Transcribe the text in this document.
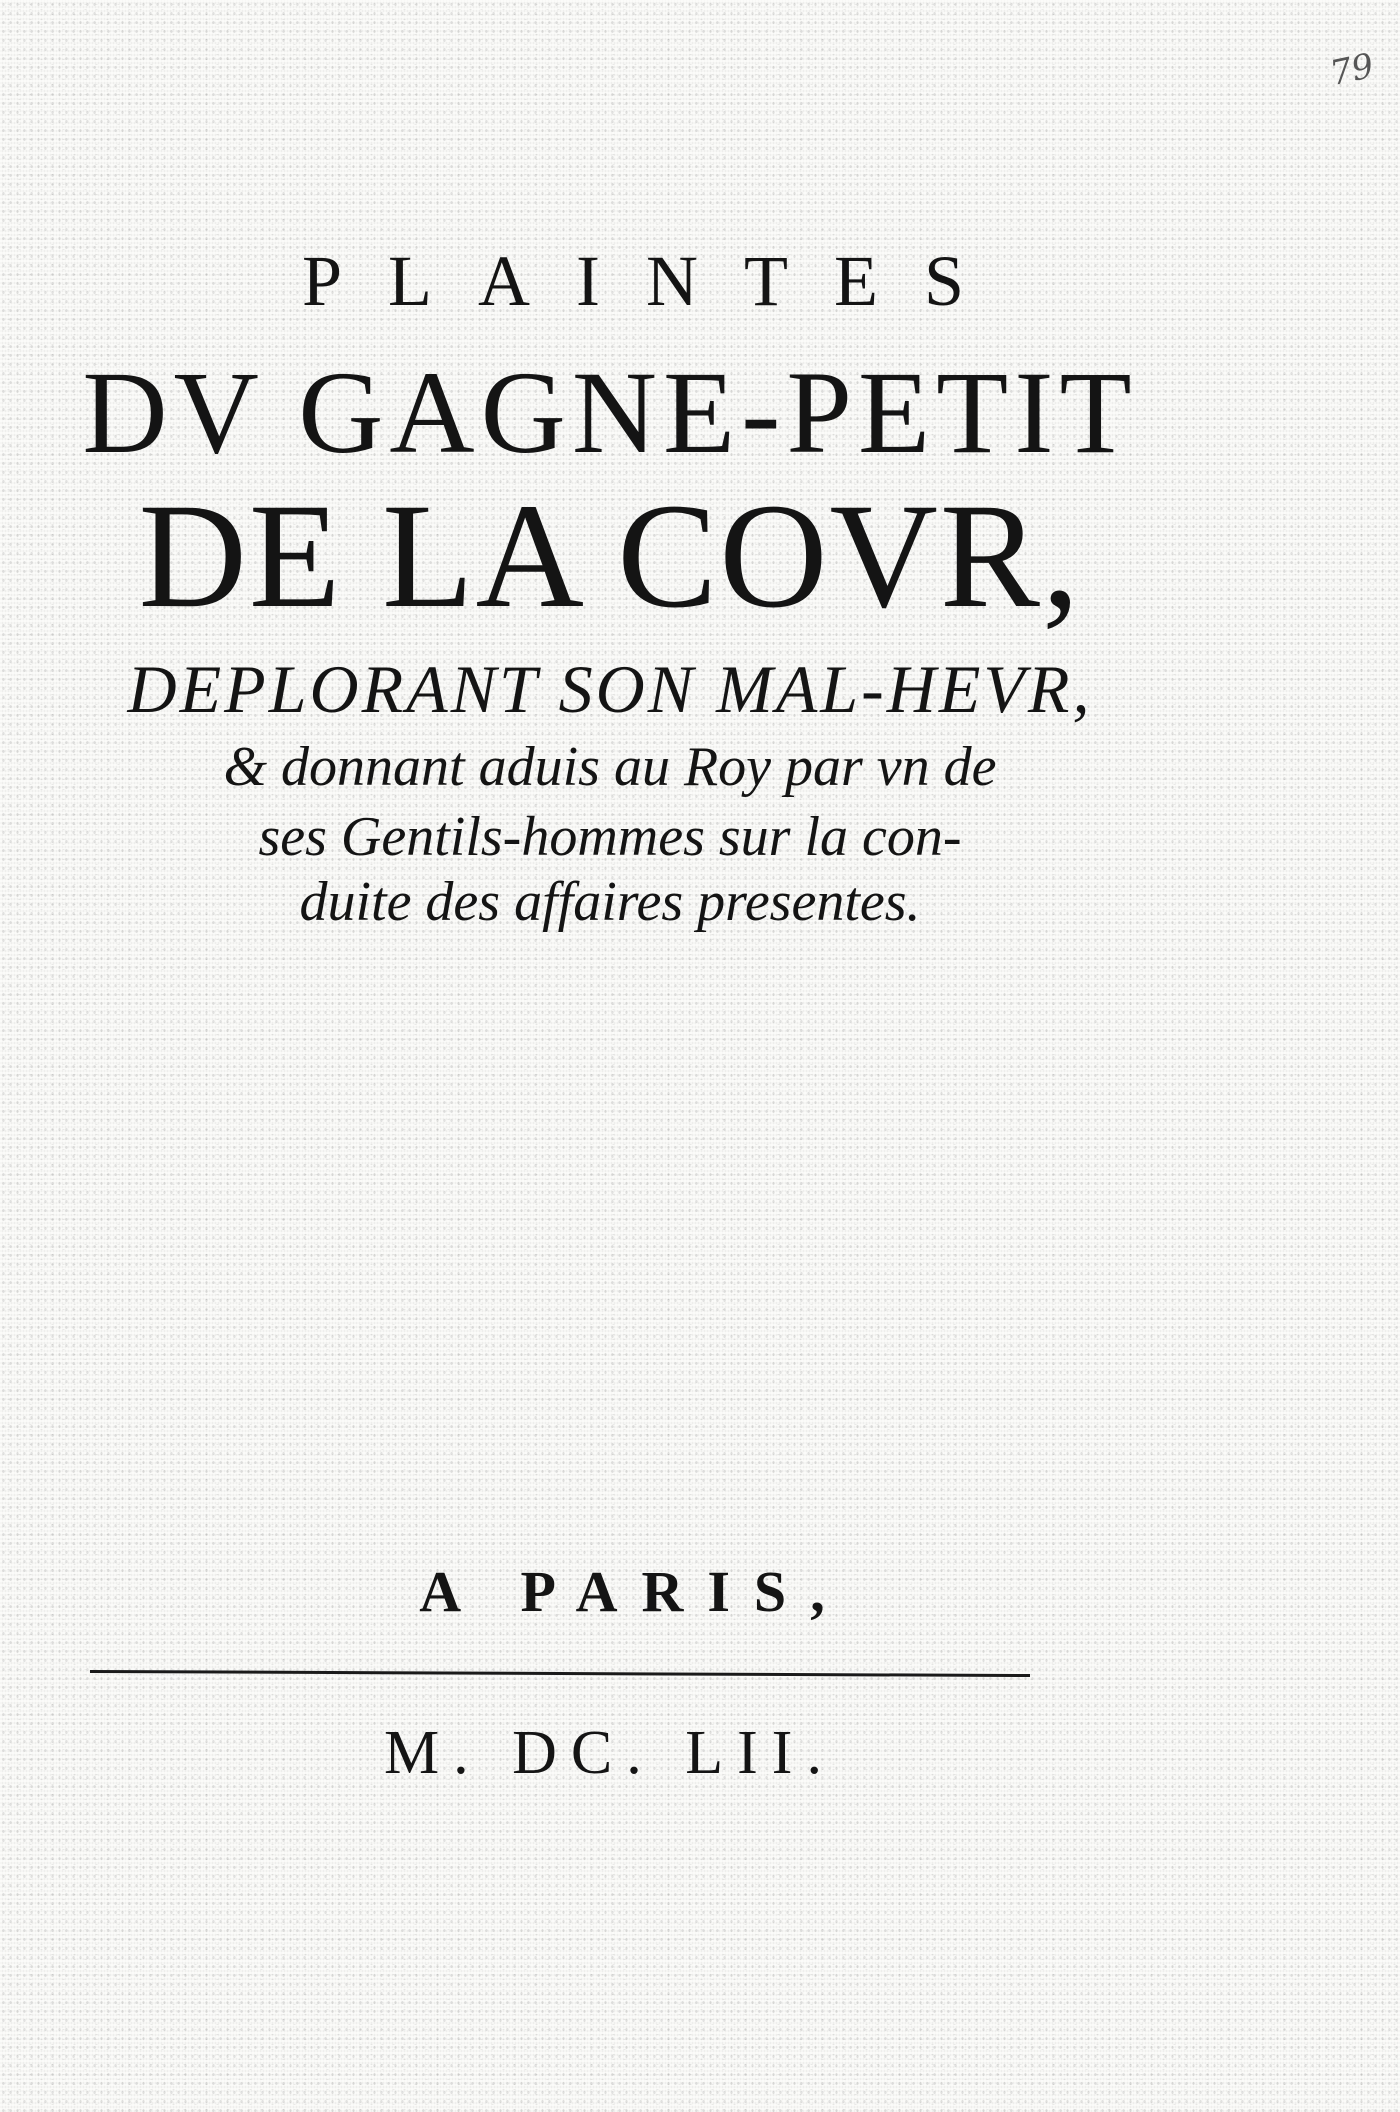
79

PLAINTES

DV GAGNE-PETIT

DE LA COVR,

DEPLORANT SON MAL-HEVR,

& donnant aduis au Roy par vn de

ses Gentils-hommes sur la con-

duite des affaires presentes.

A PARIS,

M. DC. LII.
